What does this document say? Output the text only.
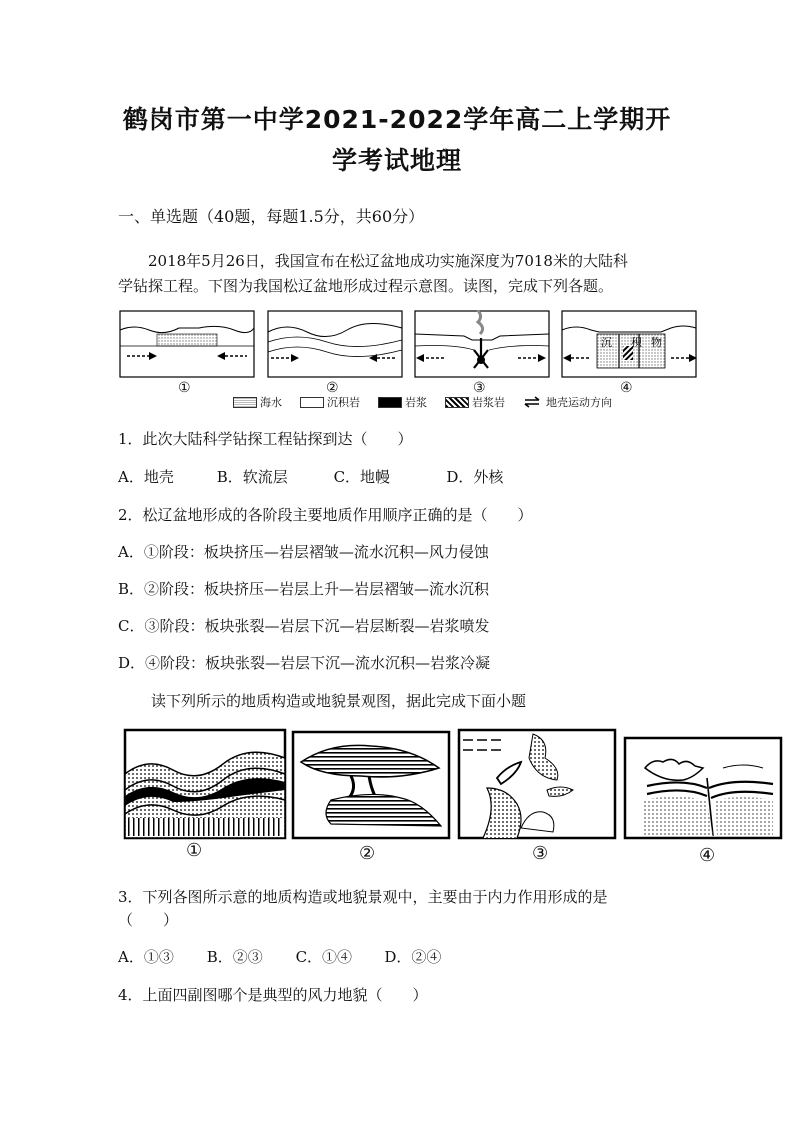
鹤岗市第一中学2021-2022学年高二上学期开
学考试地理
一、单选题（40题，每题1.5分，共60分）
2018年5月26日，我国宣布在松辽盆地成功实施深度为7018米的大陆科
学钻探工程。下图为我国松辽盆地形成过程示意图。读图，完成下列各题。
沉 积 物
①	②	③	④
海水	沉积岩	岩浆	岩浆岩	地壳运动方向
1．此次大陆科学钻探工程钻探到达（　　）
A．地壳	B．软流层	C．地幔	D．外核
2．松辽盆地形成的各阶段主要地质作用顺序正确的是（　　）
A．①阶段：板块挤压—岩层褶皱—流水沉积—风力侵蚀
B．②阶段：板块挤压—岩层上升—岩层褶皱—流水沉积
C．③阶段：板块张裂—岩层下沉—岩层断裂—岩浆喷发
D．④阶段：板块张裂—岩层下沉—流水沉积—岩浆冷凝
读下列所示的地质构造或地貌景观图，据此完成下面小题
①	②	③	④
3．下列各图所示意的地质构造或地貌景观中，主要由于内力作用形成的是
（　　）
A．①③ B．②③ C．①④ D．②④
4．上面四副图哪个是典型的风力地貌（　　）
